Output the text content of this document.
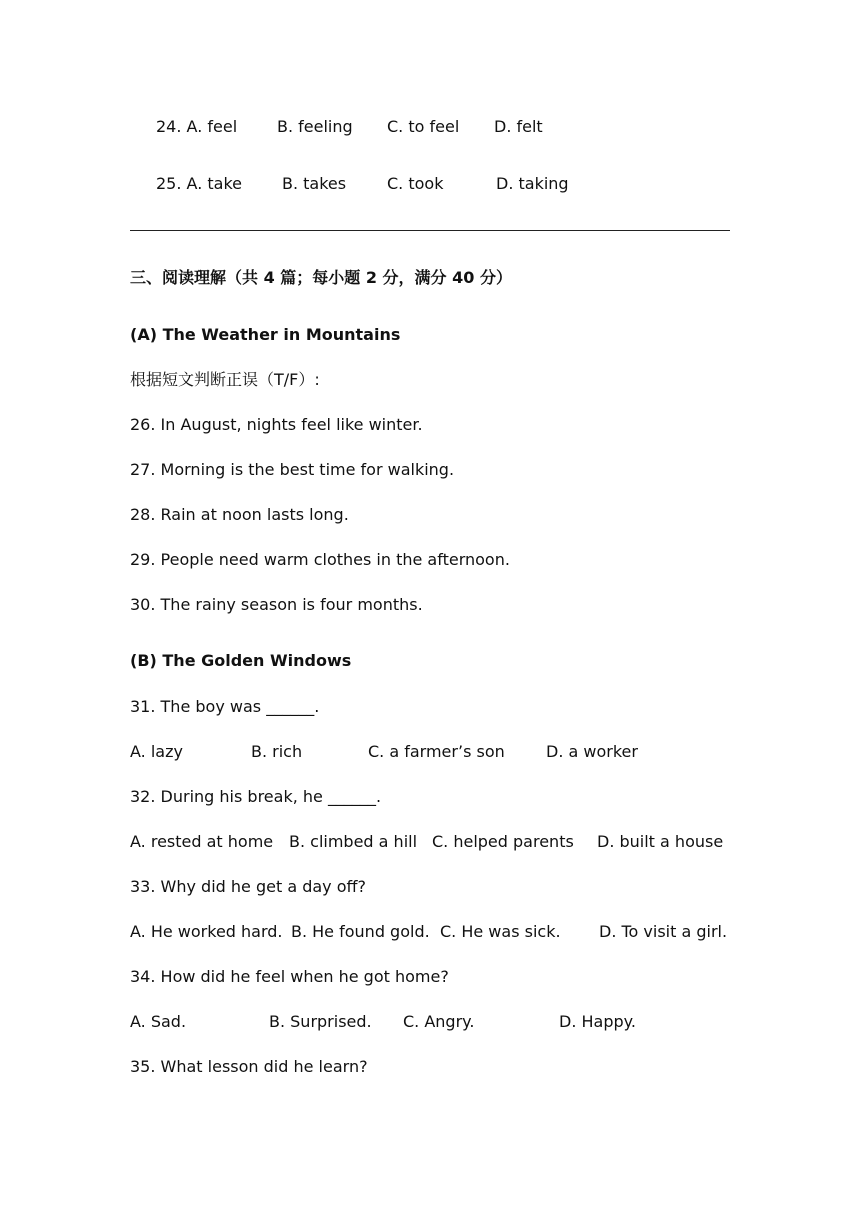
24. A. feel B. feeling C. to feel D. felt
25. A. take	B. takes	C. took	D. taking
三、阅读理解（共 4 篇；每小题 2 分，满分 40 分）
(A) The Weather in Mountains
根据短文判断正误（T/F）:
26. In August, nights feel like winter.
27. Morning is the best time for walking.
28. Rain at noon lasts long.
29. People need warm clothes in the afternoon.
30. The rainy season is four months.
(B) The Golden Windows
31. The boy was ______.
A. lazy	B. rich	C. a farmer’s son	D. a worker
32. During his break, he ______.
A. rested at home B. climbed a hill C. helped parents D. built a house
33. Why did he get a day off?
A. He worked hard. B. He found gold. C. He was sick. D. To visit a girl.
34. How did he feel when he got home?
A. Sad.	B. Surprised. C. Angry.	D. Happy.
35. What lesson did he learn?
